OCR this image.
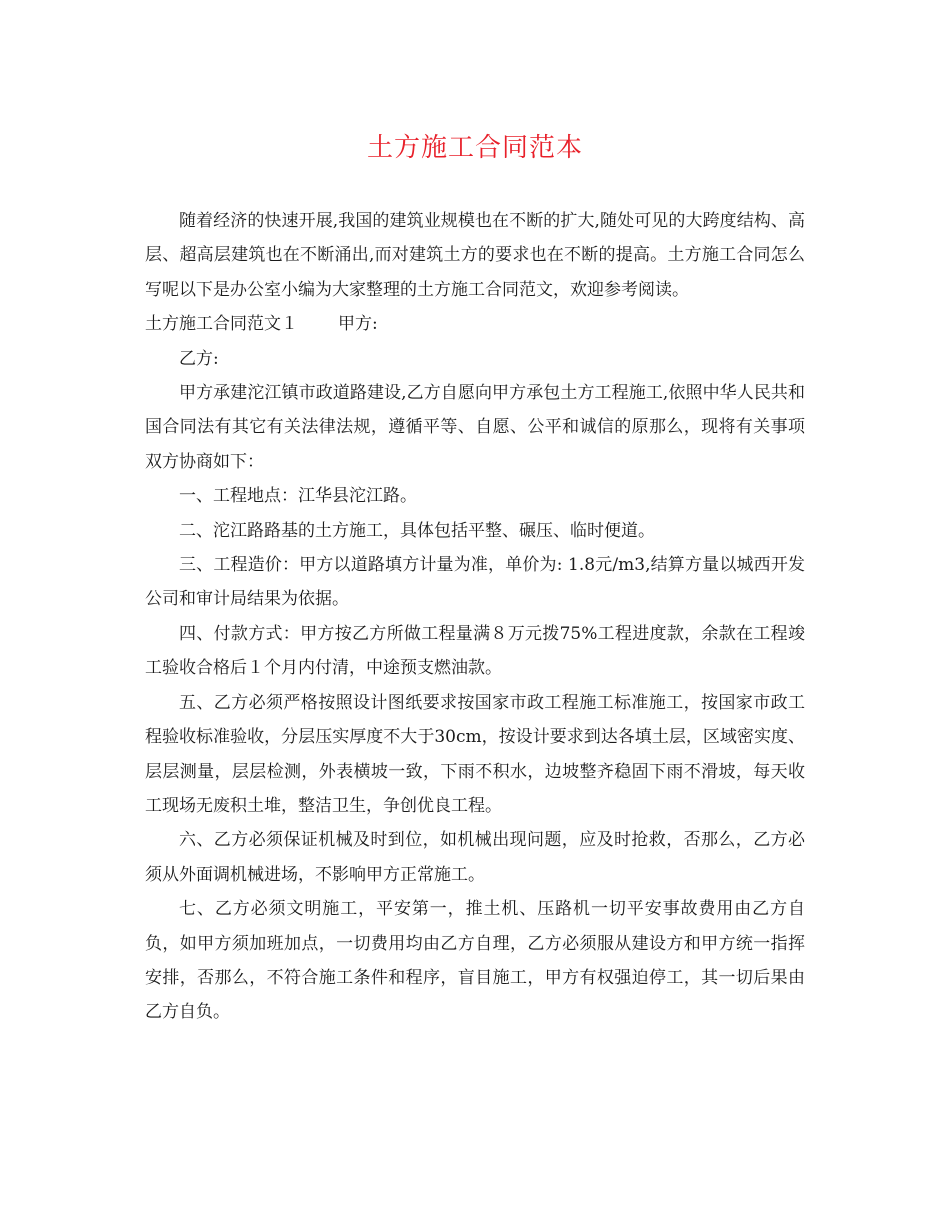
土方施工合同范本

随着经济的快速开展,我国的建筑业规模也在不断的扩大,随处可见的大跨度结构、高层、超高层建筑也在不断涌出,而对建筑土方的要求也在不断的提高。土方施工合同怎么写呢以下是办公室小编为大家整理的土方施工合同范文，欢迎参考阅读。

土方施工合同范文１ 甲方:

乙方:

甲方承建沱江镇市政道路建设,乙方自愿向甲方承包土方工程施工,依照中华人民共和国合同法有其它有关法律法规，遵循平等、自愿、公平和诚信的原那么，现将有关事项双方协商如下：

一、工程地点：江华县沱江路。

二、沱江路路基的土方施工，具体包括平整、碾压、临时便道。

三、工程造价：甲方以道路填方计量为准，单价为: 1.8元/m3,结算方量以城西开发公司和审计局结果为依据。

四、付款方式：甲方按乙方所做工程量满８万元拨75%工程进度款，余款在工程竣工验收合格后１个月内付清，中途预支燃油款。

五、乙方必须严格按照设计图纸要求按国家市政工程施工标准施工，按国家市政工程验收标准验收，分层压实厚度不大于30cm，按设计要求到达各填土层，区域密实度、层层测量，层层检测，外表横坡一致，下雨不积水，边坡整齐稳固下雨不滑坡，每天收工现场无废积土堆，整洁卫生，争创优良工程。

六、乙方必须保证机械及时到位，如机械出现问题，应及时抢救，否那么，乙方必须从外面调机械进场，不影响甲方正常施工。

七、乙方必须文明施工，平安第一，推土机、压路机一切平安事故费用由乙方自负，如甲方须加班加点，一切费用均由乙方自理，乙方必须服从建设方和甲方统一指挥安排，否那么，不符合施工条件和程序，盲目施工，甲方有权强迫停工，其一切后果由乙方自负。
